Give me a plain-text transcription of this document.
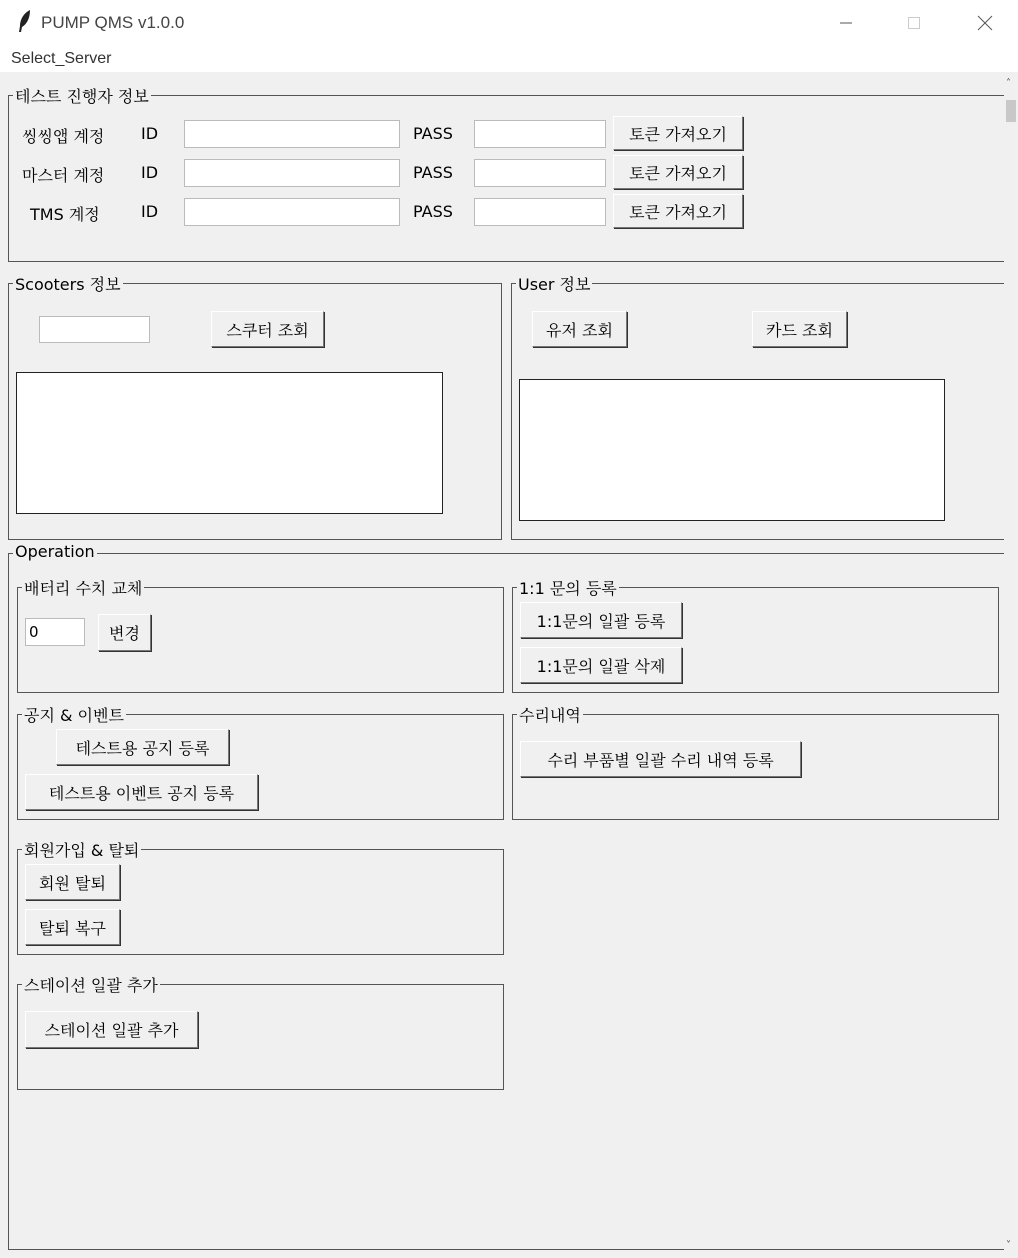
PUMP QMS v1.0.0
Select_Server
테스트 진행자 정보
씽씽앱 계정 ID	PASS	토큰 가져오기
마스터 계정 ID	PASS	토큰 가져오기
TMS 계정	ID	PASS	토큰 가져오기
Scooters 정보
스쿠터 조회
User 정보
유저 조회	카드 조회
Operation
배터리 수치 교체
0	변경
1:1 문의 등록
1:1문의 일괄 등록
1:1문의 일괄 삭제
공지 & 이벤트
테스트용 공지 등록
테스트용 이벤트 공지 등록
수리내역
수리 부품별 일괄 수리 내역 등록
회원가입 & 탈퇴
회원 탈퇴
탈퇴 복구
스테이션 일괄 추가
스테이션 일괄 추가
˄
˅
